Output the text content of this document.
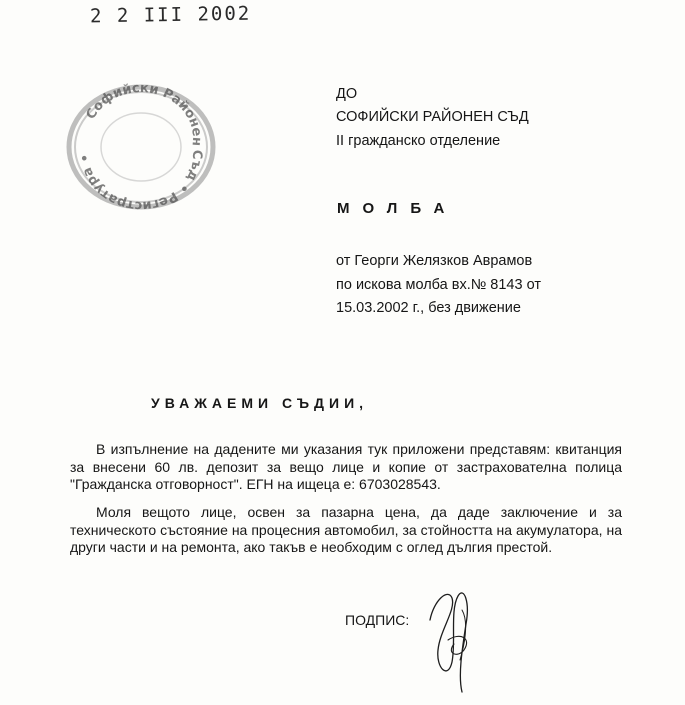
2 2 III 2002
Софийски Районен Съд • Регистратура •
ДО
СОФИЙСКИ РАЙОНЕН СЪД
II гражданско отделение
МОЛБА
от Георги Желязков Аврамов
по искова молба вх.№ 8143 от
15.03.2002 г., без движение
УВАЖАЕМИ СЪДИИ,
В изпълнение на дадените ми указания тук приложени представям: квитанция за внесени 60 лв. депозит за вещо лице и копие от застрахователна полица "Гражданска отговорност". ЕГН на ищеца е: 6703028543.
Моля вещото лице, освен за пазарна цена, да даде заключение и за техническото състояние на процесния автомобил, за стойността на акумулатора, на други части и на ремонта, ако такъв е необходим с оглед дългия престой.
ПОДПИС:
